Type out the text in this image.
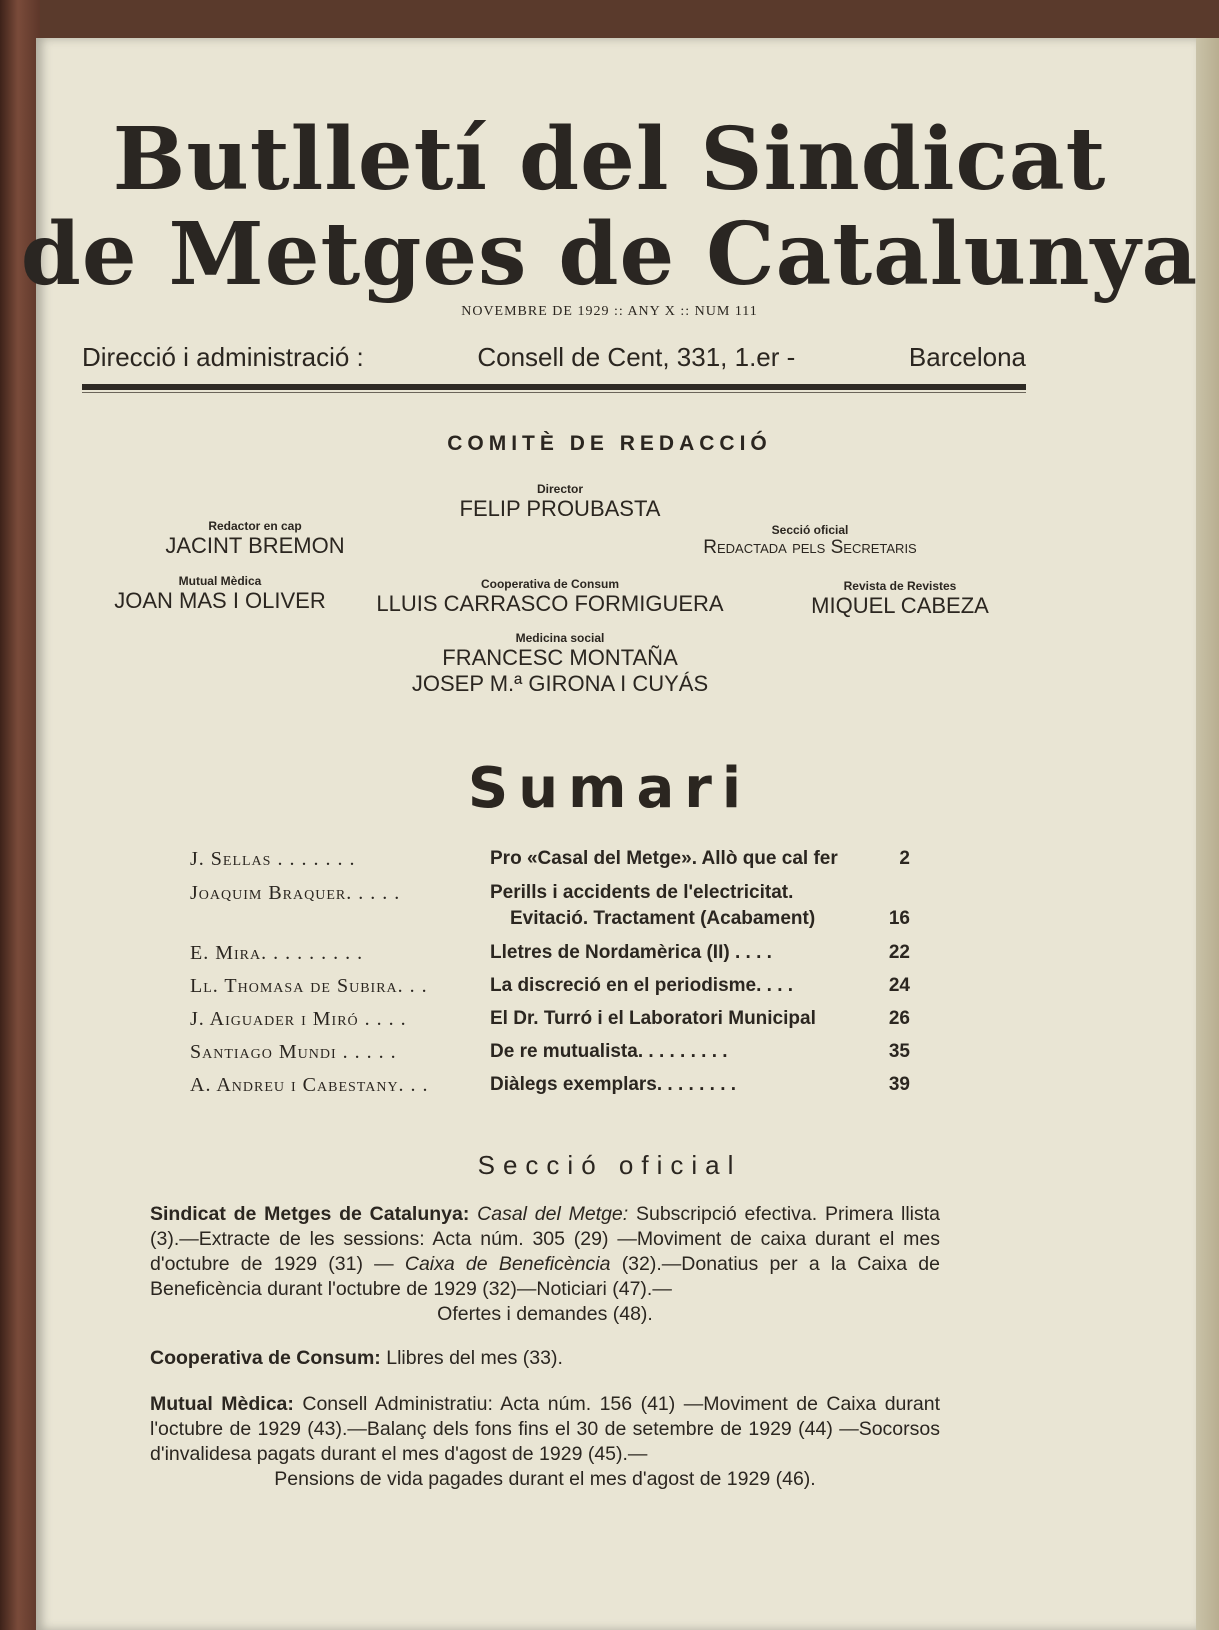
Butlletí del Sindicat
de Metges de Catalunya
NOVEMBRE DE 1929 :: ANY X :: NUM 111
Direcció i administració :	Consell de Cent, 331, 1.er -	Barcelona
COMITÈ DE REDACCIÓ
Director
FELIP PROUBASTA
Redactor en cap
JACINT BREMON
Secció oficial
Redactada pels Secretaris
Mutual Mèdica
JOAN MAS I OLIVER
Cooperativa de Consum
LLUIS CARRASCO FORMIGUERA
Revista de Revistes
MIQUEL CABEZA
Medicina social
FRANCESC MONTAÑA
JOSEP M.ª GIRONA I CUYÁS
Sumari
J. Sellas . . . . . . .	Pro «Casal del Metge». Allò que cal fer	2
Joaquim Braquer. . . . .	Perills i accidents de l'electricitat.
Evitació. Tractament (Acabament)	16
E. Mira. . . . . . . . .	Lletres de Nordamèrica (II) . . . .	22
Ll. Thomasa de Subira. . .	La discreció en el periodisme. . . .	24
J. Aiguader i Miró . . . .	El Dr. Turró i el Laboratori Municipal	26
Santiago Mundi . . . . .	De re mutualista. . . . . . . . .	35
A. Andreu i Cabestany. . .	Diàlegs exemplars. . . . . . . .	39
Secció oficial
Sindicat de Metges de Catalunya: Casal del Metge: Subscripció efectiva. Primera llista (3).—Extracte de les sessions: Acta núm. 305 (29) —Moviment de caixa durant el mes d'octubre de 1929 (31) — Caixa de Beneficència (32).—Donatius per a la Caixa de Beneficència durant l'octubre de 1929 (32)—Noticiari (47).—
Ofertes i demandes (48).
Cooperativa de Consum: Llibres del mes (33).
Mutual Mèdica: Consell Administratiu: Acta núm. 156 (41) —Moviment de Caixa durant l'octubre de 1929 (43).—Balanç dels fons fins el 30 de setembre de 1929 (44) —Socorsos d'invalidesa pagats durant el mes d'agost de 1929 (45).—
Pensions de vida pagades durant el mes d'agost de 1929 (46).
